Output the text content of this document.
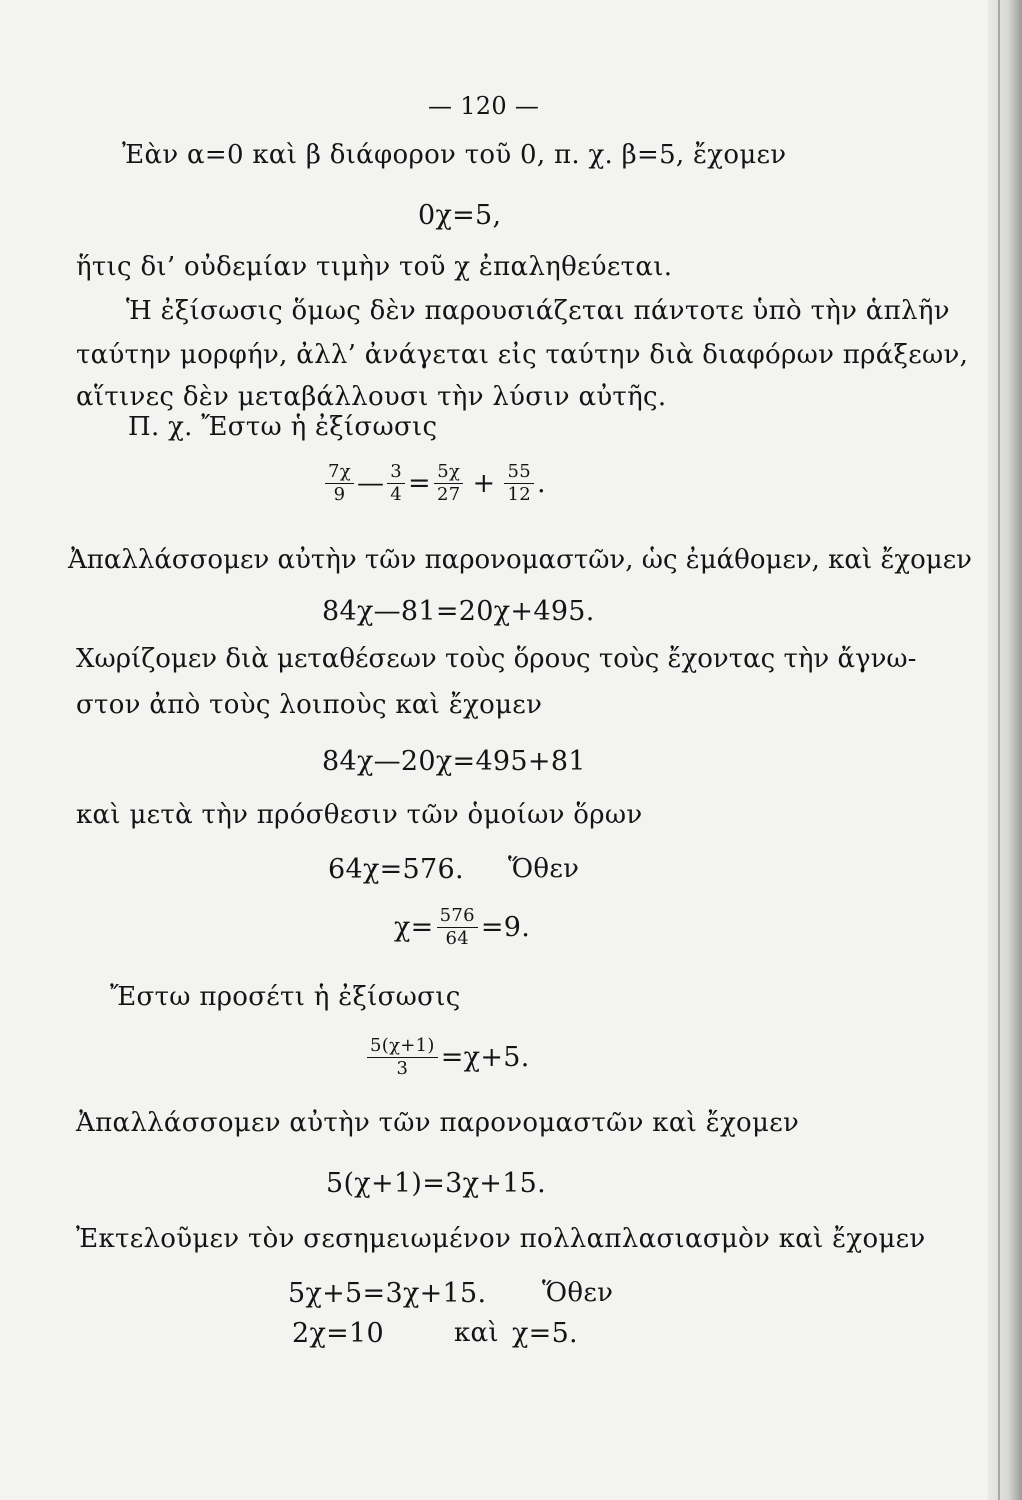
— 120 —
Ἐὰν α=0 καὶ β διάφορον τοῦ 0, π. χ. β=5, ἔχομεν
0χ=5,
ἥτις δι’ οὐδεμίαν τιμὴν τοῦ χ ἐπαληθεύεται.
Ἡ ἐξίσωσις ὅμως δὲν παρουσιάζεται πάντοτε ὑπὸ τὴν ἁπλῆν
ταύτην μορφήν, ἀλλ’ ἀνάγεται εἰς ταύτην διὰ διαφόρων πράξεων,
αἵτινες δὲν μεταβάλλουσι τὴν λύσιν αὐτῆς.
Π. χ. Ἔστω ἡ ἐξίσωσις
$\frac{7\chi}{9}$ — $\frac{3}{4} = \frac{5\chi}{27} + \frac{55}{12}$ .
Ἀπαλλάσσομεν αὐτὴν τῶν παρονομαστῶν, ὡς ἐμάθομεν, καὶ ἔχομεν
84χ—81=20χ+495.
Χωρίζομεν διὰ μεταθέσεων τοὺς ὅρους τοὺς ἔχοντας τὴν ἄγνω-
στον ἀπὸ τοὺς λοιποὺς καὶ ἔχομεν
84χ—20χ=495+81
καὶ μετὰ τὴν πρόσθεσιν τῶν ὁμοίων ὅρων
64χ=576. Ὅθεν
$\chi= \frac{576}{64} =9$.
Ἔστω προσέτι ἡ ἐξίσωσις
$\frac{5(\chi+1)}{3} =\chi+5$.
Ἀπαλλάσσομεν αὐτὴν τῶν παρονομαστῶν καὶ ἔχομεν
5(χ+1)=3χ+15.
Ἐκτελοῦμεν τὸν σεσημειωμένον πολλαπλασιασμὸν καὶ ἔχομεν
5χ+5=3χ+15. Ὅθεν
2χ=10	καὶ χ=5.
